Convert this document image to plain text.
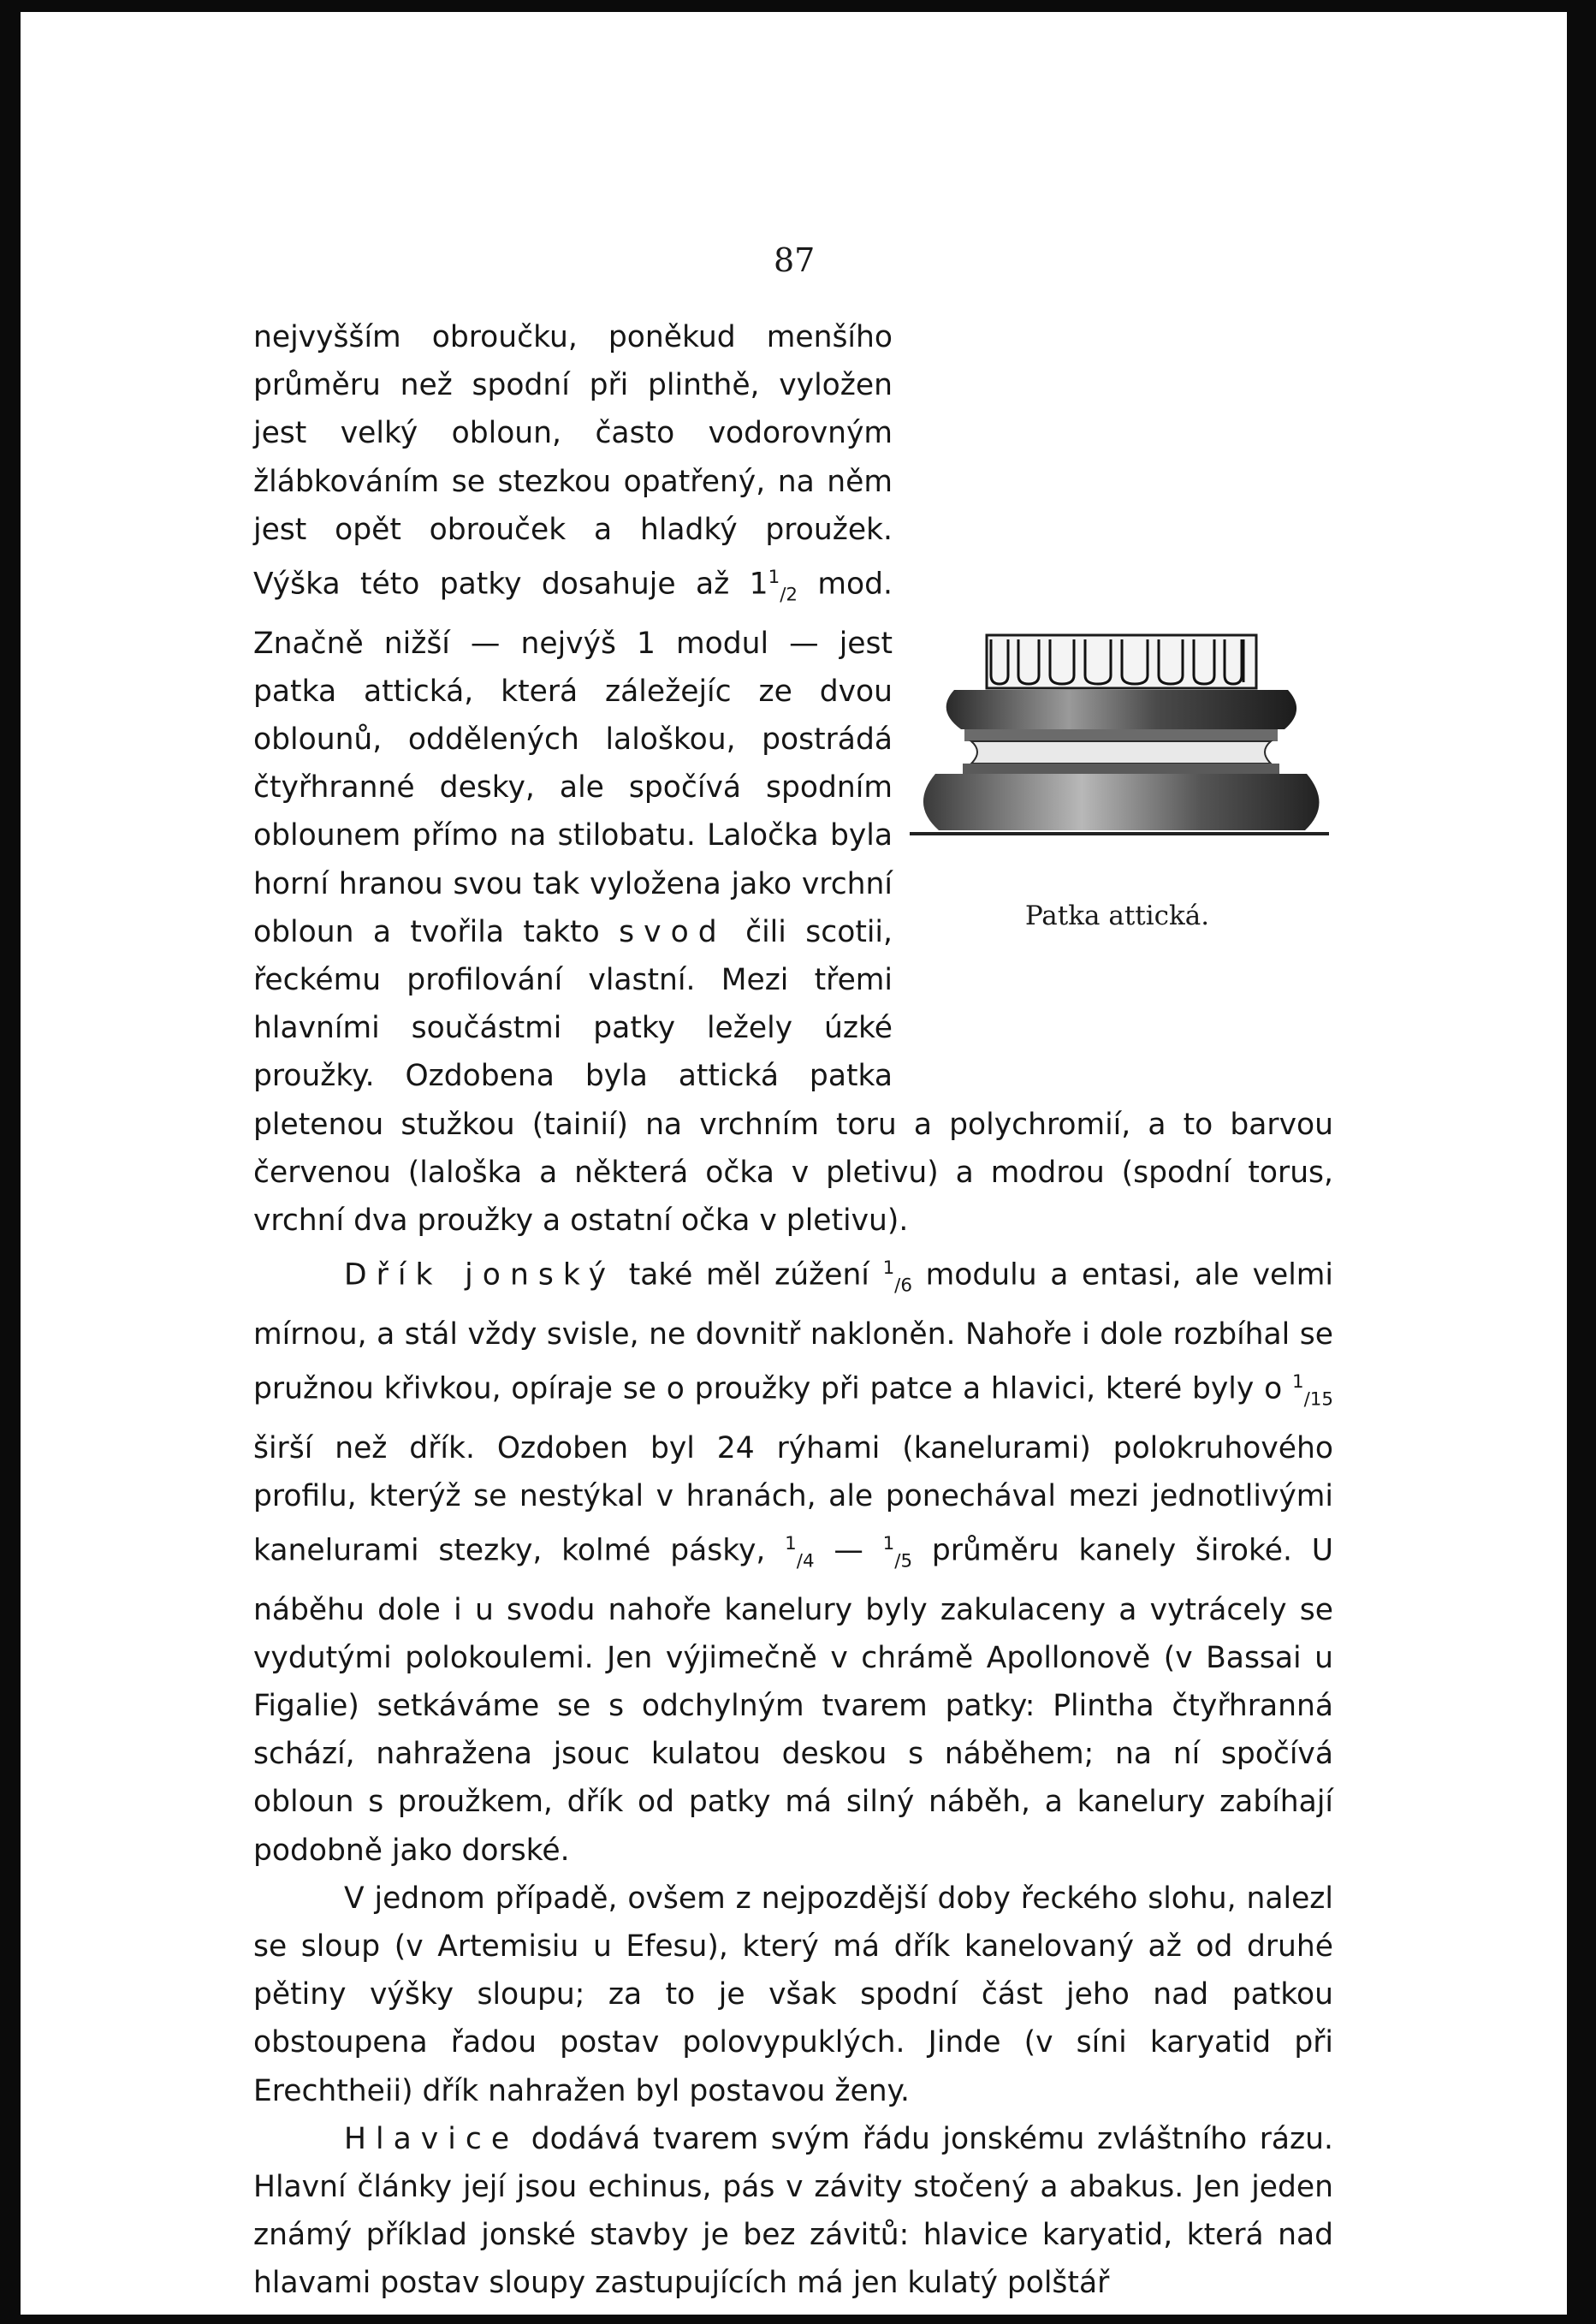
87

Patka attická.
nejvyšším obroučku, poněkud menšího průměru než spodní při plinthě, vyložen jest velký obloun, často vodorovným žlábkováním se stezkou opatřený, na něm jest opět obrouček a hladký proužek. Výška této patky dosahuje až $1^1_{/2}$ mod. Značně nižší — nejvýš 1 modul — jest patka attická, která záležejíc ze dvou oblounů, oddělených laloškou, postrádá čtyřhranné desky, ale spočívá spodním oblounem přímo na stilobatu. Laločka byla horní hranou svou tak vyložena jako vrchní obloun a tvořila takto svod čili scotii, řeckému profilování vlastní. Mezi třemi hlavními součástmi patky ležely úzké proužky. Ozdobena byla attická patka pletenou stužkou (tainií) na vrchním toru a polychromií, a to barvou červenou (laloška a některá očka v pletivu) a modrou (spodní torus, vrchní dva proužky a ostatní očka v pletivu).

Dřík jonský také měl zúžení $^1_{/6}$ modulu a entasi, ale velmi mírnou, a stál vždy svisle, ne dovnitř nakloněn. Nahoře i dole rozbíhal se pružnou křivkou, opíraje se o proužky při patce a hlavici, které byly o $^1_{/15}$ širší než dřík. Ozdoben byl 24 rýhami (kanelurami) polokruhového profilu, kterýž se nestýkal v hranách, ale ponechával mezi jednotlivými kanelurami stezky, kolmé pásky, $^1_{/4}$ — $^1_{/5}$ průměru kanely široké. U náběhu dole i u svodu nahoře kanelury byly zakulaceny a vytrácely se vydutými polokoulemi. Jen výjimečně v chrámě Apollonově (v Bassai u Figalie) setkáváme se s odchylným tvarem patky: Plintha čtyřhranná schází, nahražena jsouc kulatou deskou s náběhem; na ní spočívá obloun s proužkem, dřík od patky má silný náběh, a kanelury zabíhají podobně jako dorské.

V jednom případě, ovšem z nejpozdější doby řeckého slohu, nalezl se sloup (v Artemisiu u Efesu), který má dřík kanelovaný až od druhé pětiny výšky sloupu; za to je však spodní část jeho nad patkou obstoupena řadou postav polovypuklých. Jinde (v síni karyatid při Erechtheii) dřík nahražen byl postavou ženy.

Hlavice dodává tvarem svým řádu jonskému zvláštního rázu. Hlavní články její jsou echinus, pás v závity stočený a abakus. Jen jeden známý příklad jonské stavby je bez závitů: hlavice karyatid, která nad hlavami postav sloupy zastupujících má jen kulatý polštář
